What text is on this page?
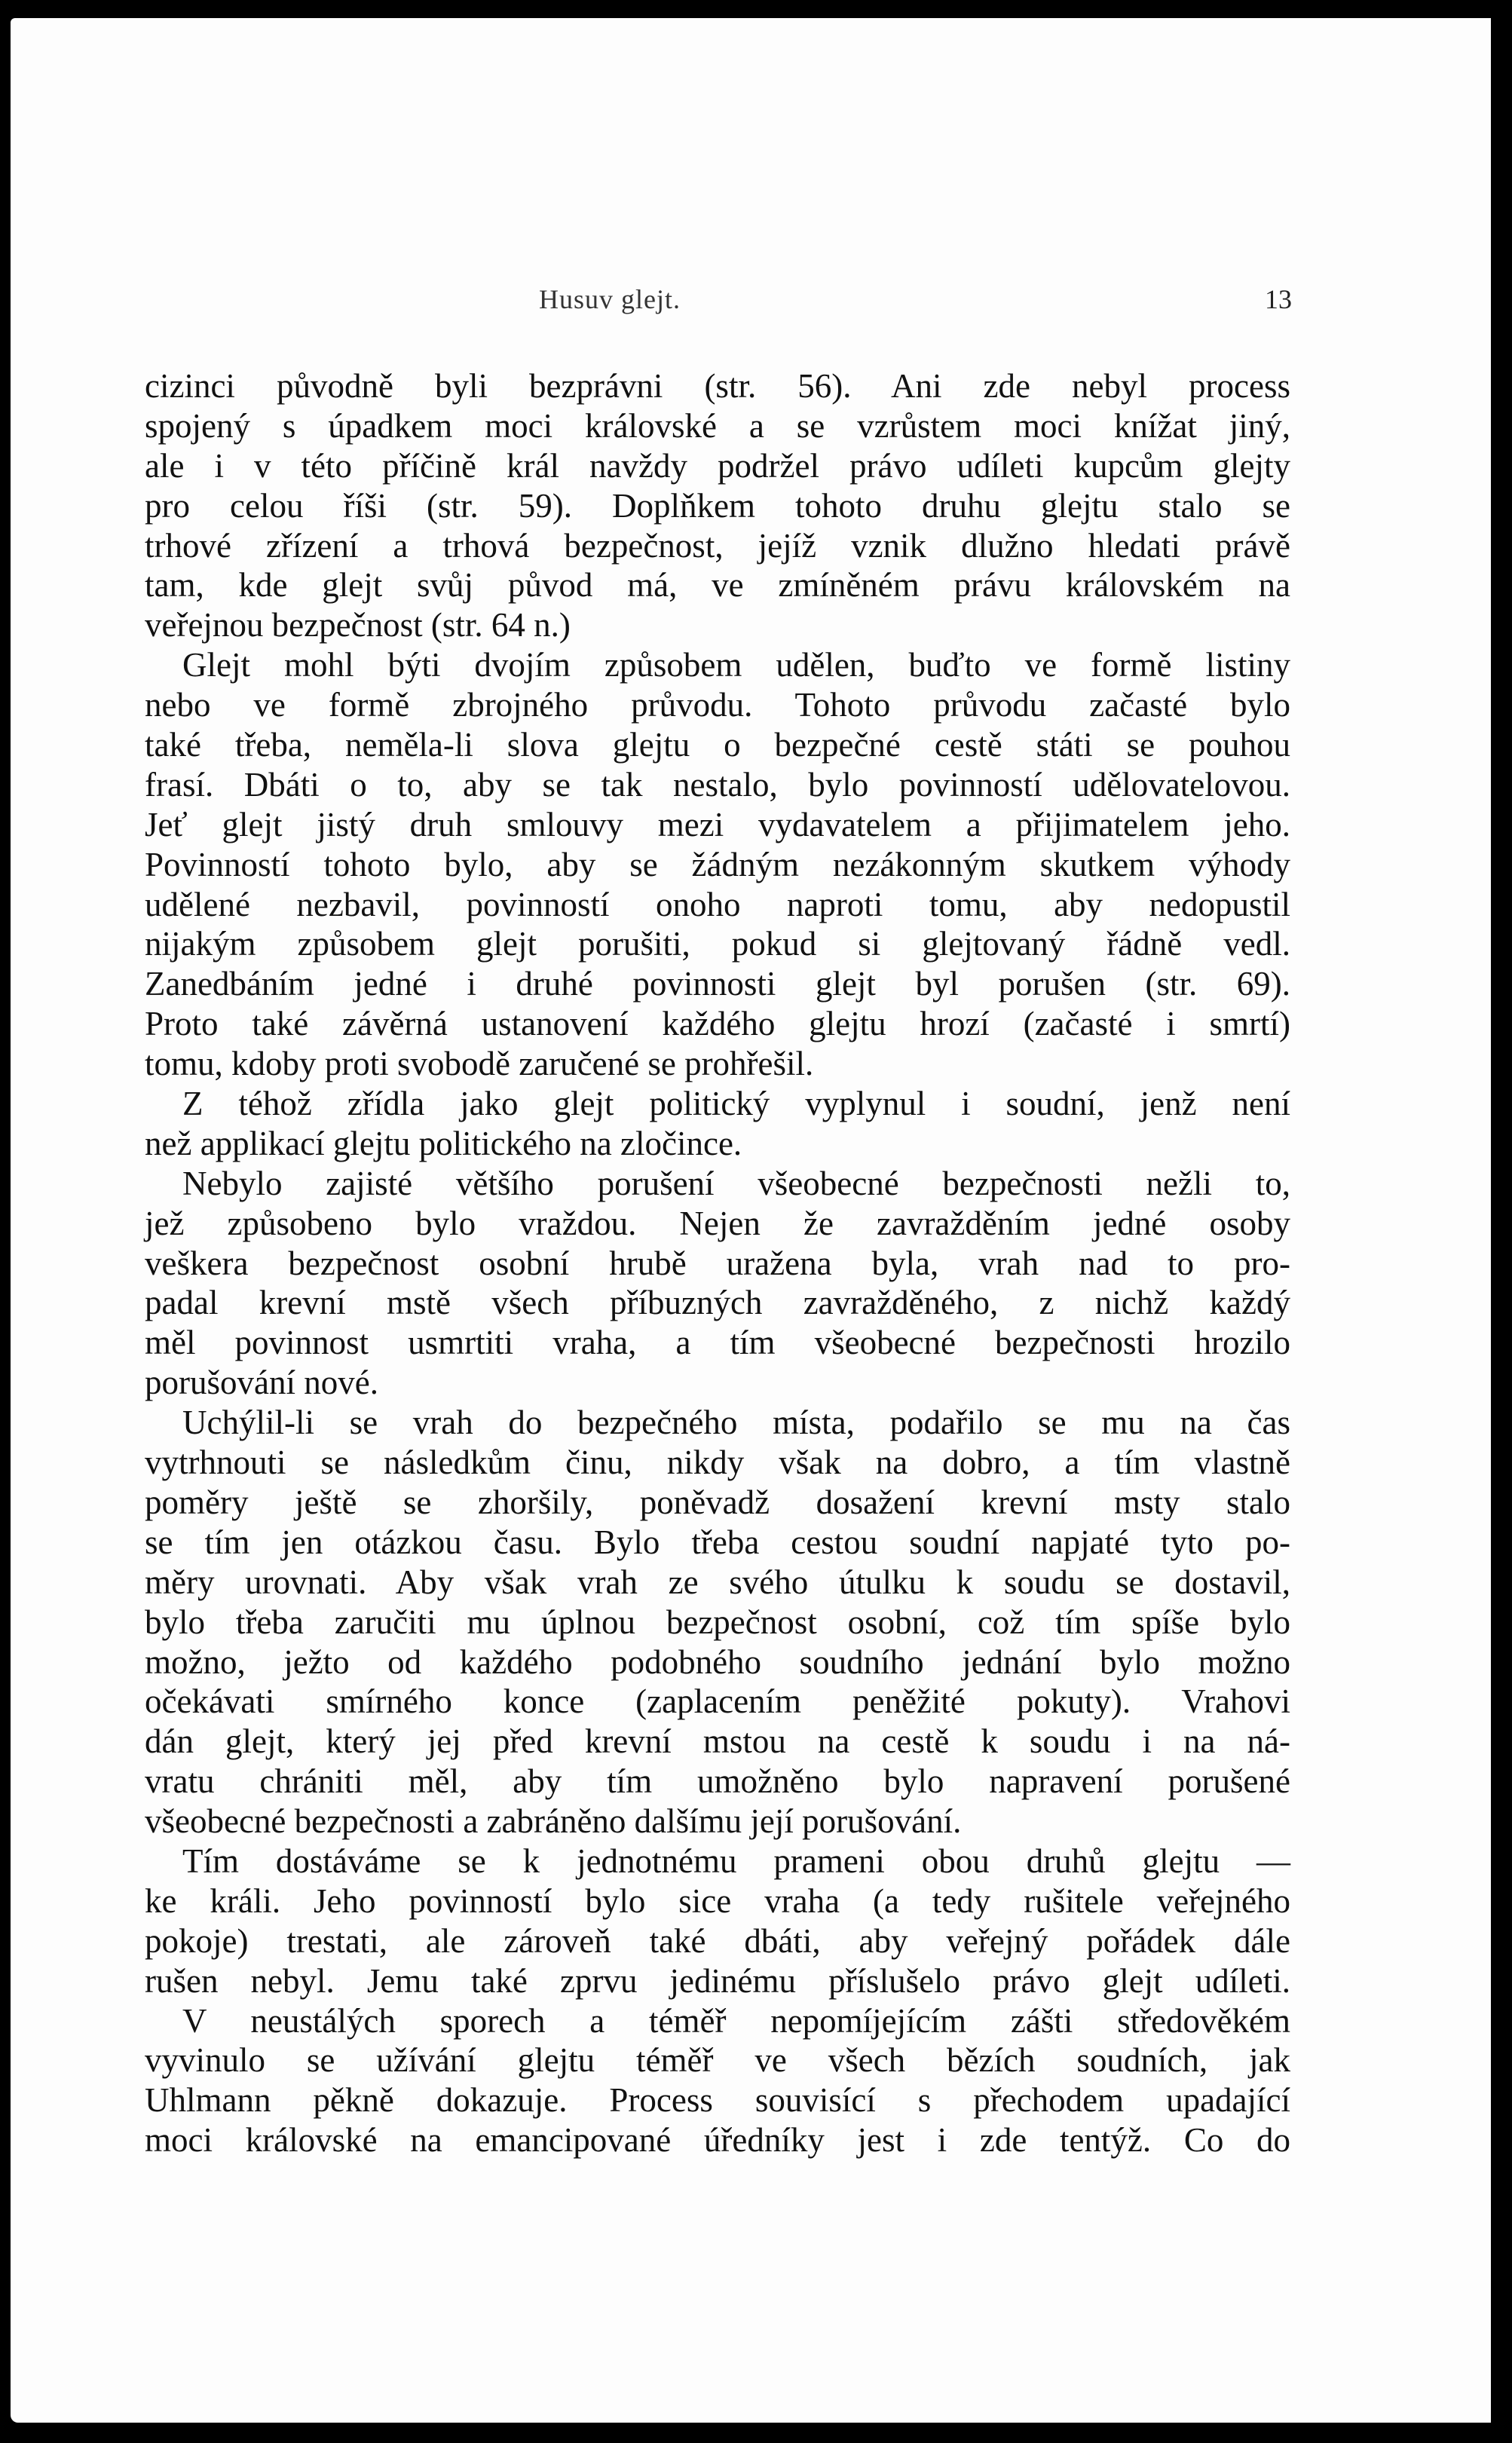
Husuv glejt.	13
cizinci původně byli bezprávni (str. 56). Ani zde nebyl process
spojený s úpadkem moci královské a se vzrůstem moci knížat jiný,
ale i v této příčině král navždy podržel právo udíleti kupcům glejty
pro celou říši (str. 59). Doplňkem tohoto druhu glejtu stalo se
trhové zřízení a trhová bezpečnost, jejíž vznik dlužno hledati právě
tam, kde glejt svůj původ má, ve zmíněném právu královském na
veřejnou bezpečnost (str. 64 n.)
Glejt mohl býti dvojím způsobem udělen, buďto ve formě listiny
nebo ve formě zbrojného průvodu. Tohoto průvodu začasté bylo
také třeba, neměla-li slova glejtu o bezpečné cestě státi se pouhou
frasí. Dbáti o to, aby se tak nestalo, bylo povinností udělovatelovou.
Jeť glejt jistý druh smlouvy mezi vydavatelem a přijimatelem jeho.
Povinností tohoto bylo, aby se žádným nezákonným skutkem výhody
udělené nezbavil, povinností onoho naproti tomu, aby nedopustil
nijakým způsobem glejt porušiti, pokud si glejtovaný řádně vedl.
Zanedbáním jedné i druhé povinnosti glejt byl porušen (str. 69).
Proto také závěrná ustanovení každého glejtu hrozí (začasté i smrtí)
tomu, kdoby proti svobodě zaručené se prohřešil.
Z téhož zřídla jako glejt politický vyplynul i soudní, jenž není
než applikací glejtu politického na zločince.
Nebylo zajisté většího porušení všeobecné bezpečnosti nežli to,
jež způsobeno bylo vraždou. Nejen že zavražděním jedné osoby
veškera bezpečnost osobní hrubě uražena byla, vrah nad to pro-
padal krevní mstě všech příbuzných zavražděného, z nichž každý
měl povinnost usmrtiti vraha, a tím všeobecné bezpečnosti hrozilo
porušování nové.
Uchýlil-li se vrah do bezpečného místa, podařilo se mu na čas
vytrhnouti se následkům činu, nikdy však na dobro, a tím vlastně
poměry ještě se zhoršily, poněvadž dosažení krevní msty stalo
se tím jen otázkou času. Bylo třeba cestou soudní napjaté tyto po-
měry urovnati. Aby však vrah ze svého útulku k soudu se dostavil,
bylo třeba zaručiti mu úplnou bezpečnost osobní, což tím spíše bylo
možno, ježto od každého podobného soudního jednání bylo možno
očekávati smírného konce (zaplacením peněžité pokuty). Vrahovi
dán glejt, který jej před krevní mstou na cestě k soudu i na ná-
vratu chrániti měl, aby tím umožněno bylo napravení porušené
všeobecné bezpečnosti a zabráněno dalšímu její porušování.
Tím dostáváme se k jednotnému prameni obou druhů glejtu —
ke králi. Jeho povinností bylo sice vraha (a tedy rušitele veřejného
pokoje) trestati, ale zároveň také dbáti, aby veřejný pořádek dále
rušen nebyl. Jemu také zprvu jedinému příslušelo právo glejt udíleti.
V neustálých sporech a téměř nepomíjejícím zášti středověkém
vyvinulo se užívání glejtu téměř ve všech bězích soudních, jak
Uhlmann pěkně dokazuje. Process souvisící s přechodem upadající
moci královské na emancipované úředníky jest i zde tentýž. Co do
